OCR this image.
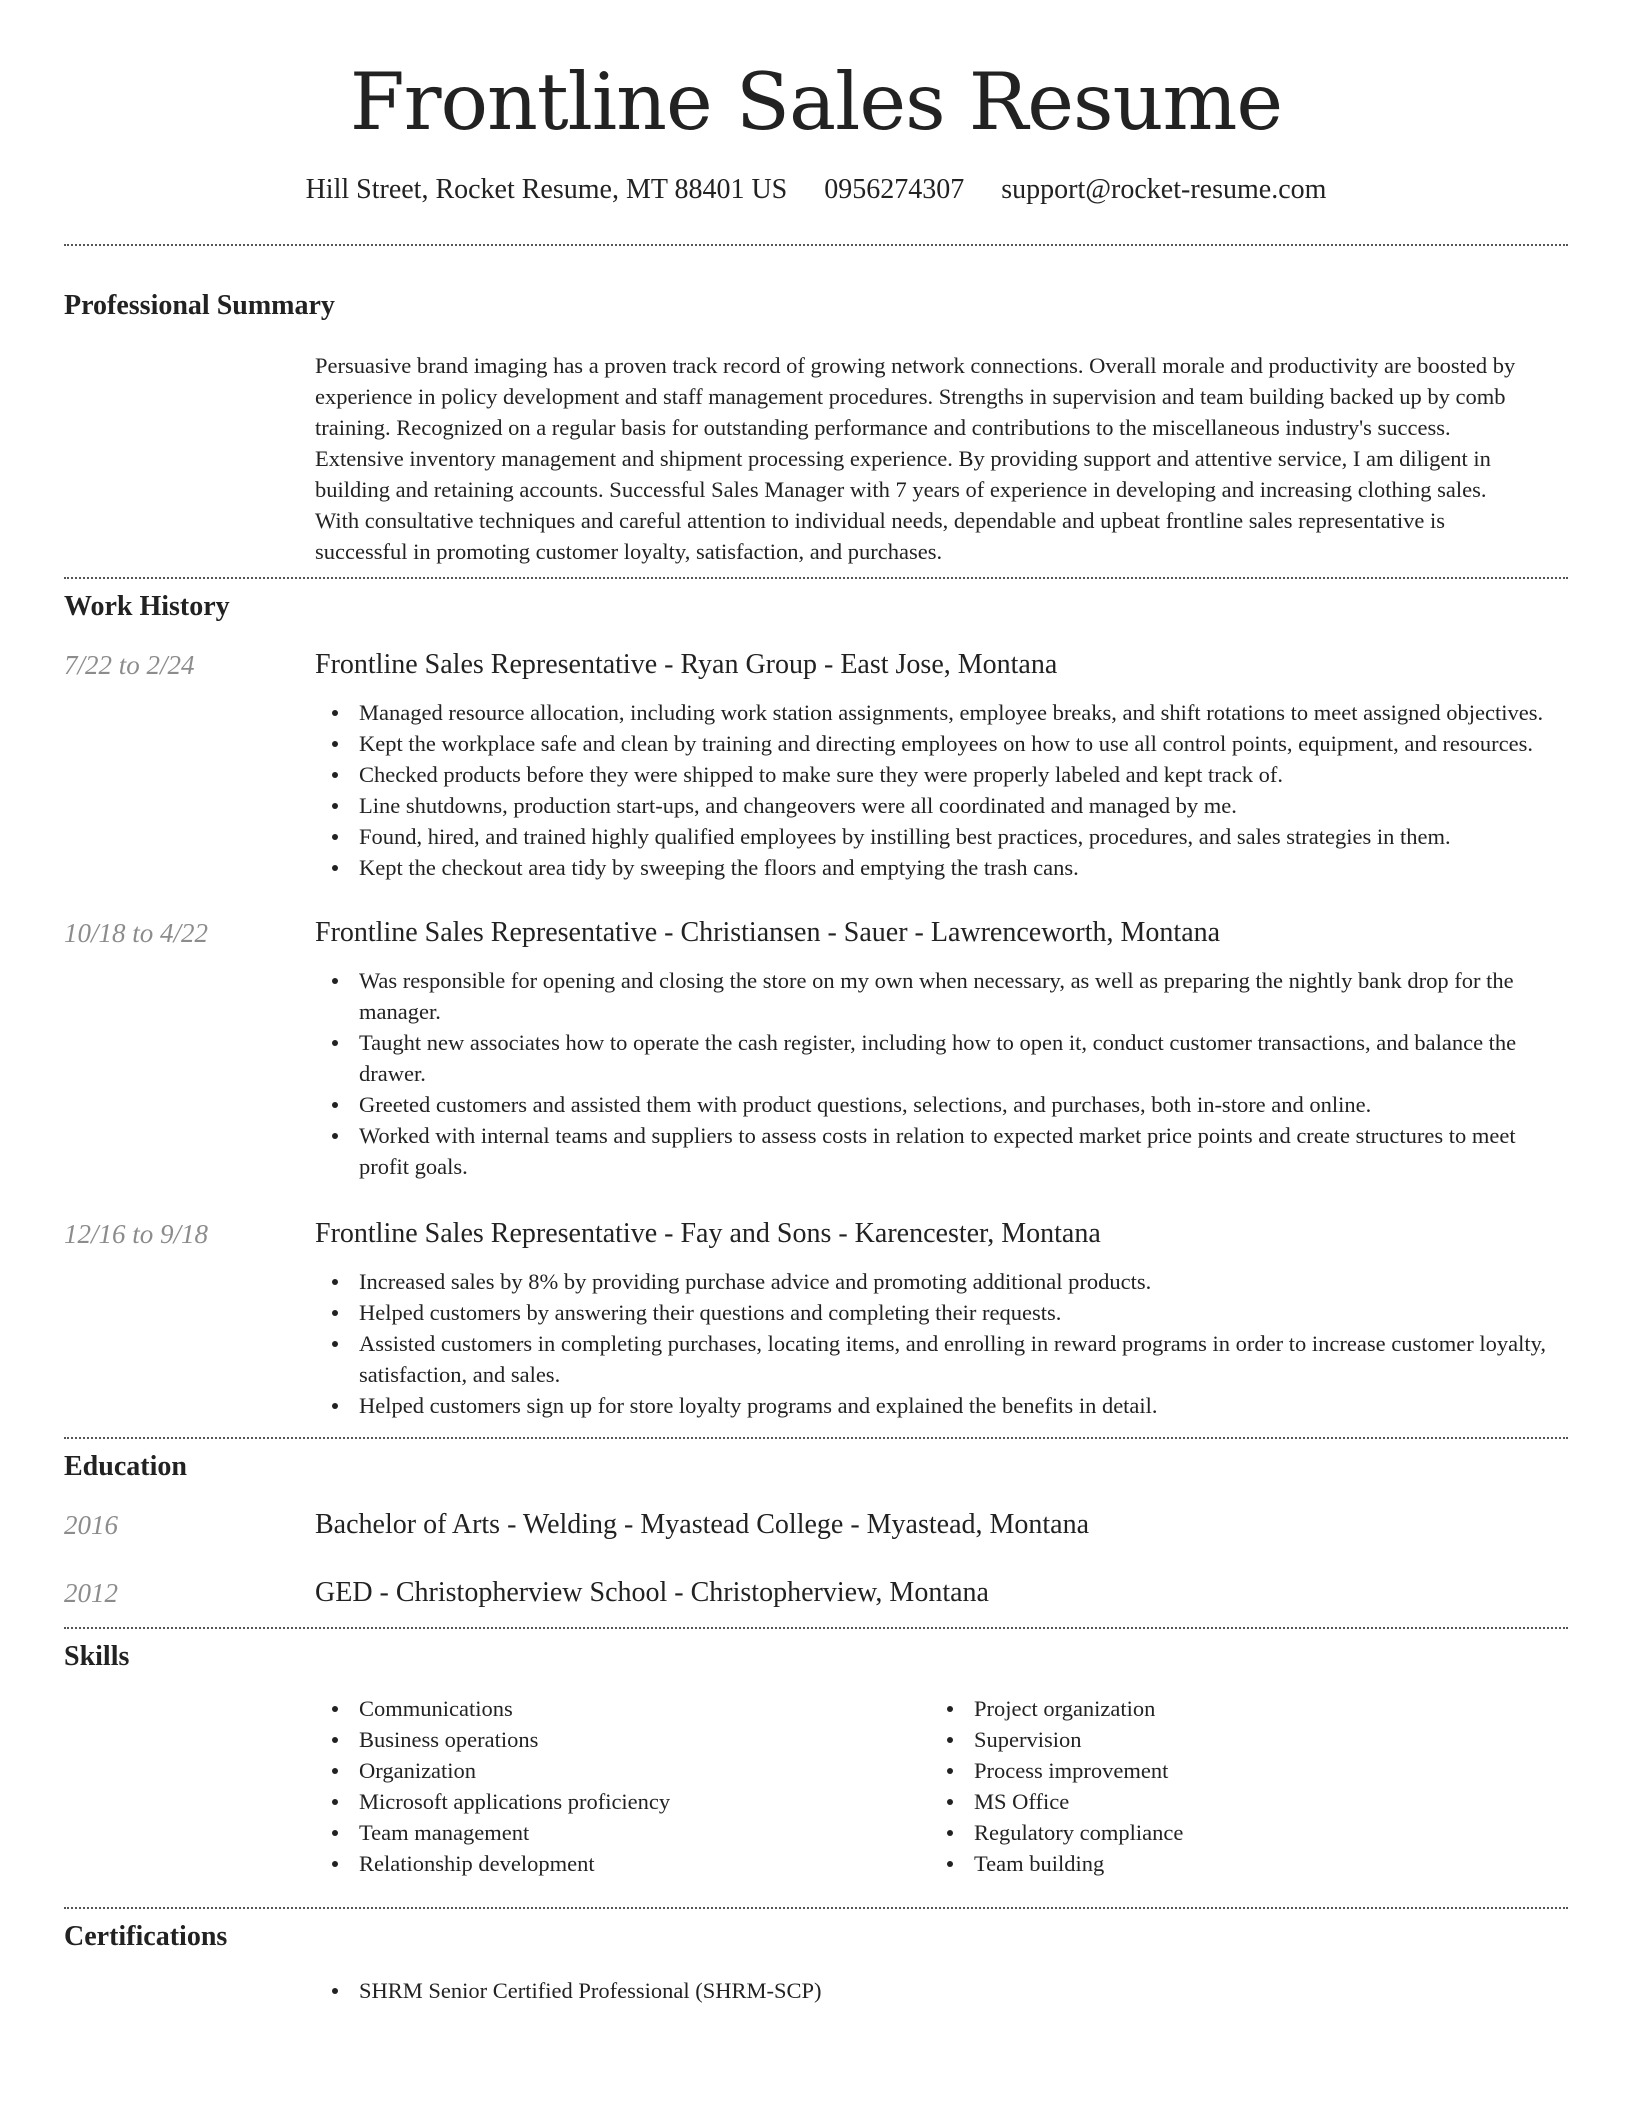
Frontline Sales Resume
Hill Street, Rocket Resume, MT 88401 US 0956274307 support@rocket-resume.com
Professional Summary

Persuasive brand imaging has a proven track record of growing network connections. Overall morale and productivity are boosted by experience in policy development and staff management procedures. Strengths in supervision and team building backed up by comb training. Recognized on a regular basis for outstanding performance and contributions to the miscellaneous industry's success. Extensive inventory management and shipment processing experience. By providing support and attentive service, I am diligent in building and retaining accounts. Successful Sales Manager with 7 years of experience in developing and increasing clothing sales. With consultative techniques and careful attention to individual needs, dependable and upbeat frontline sales representative is successful in promoting customer loyalty, satisfaction, and purchases.

Work History
7/22 to 2/24	Frontline Sales Representative - Ryan Group - East Jose, Montana
Managed resource allocation, including work station assignments, employee breaks, and shift rotations to meet assigned objectives.
Kept the workplace safe and clean by training and directing employees on how to use all control points, equipment, and resources.
Checked products before they were shipped to make sure they were properly labeled and kept track of.
Line shutdowns, production start-ups, and changeovers were all coordinated and managed by me.
Found, hired, and trained highly qualified employees by instilling best practices, procedures, and sales strategies in them.
Kept the checkout area tidy by sweeping the floors and emptying the trash cans.
10/18 to 4/22	Frontline Sales Representative - Christiansen - Sauer - Lawrenceworth, Montana
Was responsible for opening and closing the store on my own when necessary, as well as preparing the nightly bank drop for the manager.
Taught new associates how to operate the cash register, including how to open it, conduct customer transactions, and balance the drawer.
Greeted customers and assisted them with product questions, selections, and purchases, both in-store and online.
Worked with internal teams and suppliers to assess costs in relation to expected market price points and create structures to meet profit goals.
12/16 to 9/18	Frontline Sales Representative - Fay and Sons - Karencester, Montana
Increased sales by 8% by providing purchase advice and promoting additional products.
Helped customers by answering their questions and completing their requests.
Assisted customers in completing purchases, locating items, and enrolling in reward programs in order to increase customer loyalty, satisfaction, and sales.
Helped customers sign up for store loyalty programs and explained the benefits in detail.
Education
2016	Bachelor of Arts - Welding - Myastead College - Myastead, Montana
2012	GED - Christopherview School - Christopherview, Montana
Skills
Communications
Business operations
Organization
Microsoft applications proficiency
Team management
Relationship development
Project organization
Supervision
Process improvement
MS Office
Regulatory compliance
Team building
Certifications
SHRM Senior Certified Professional (SHRM-SCP)
